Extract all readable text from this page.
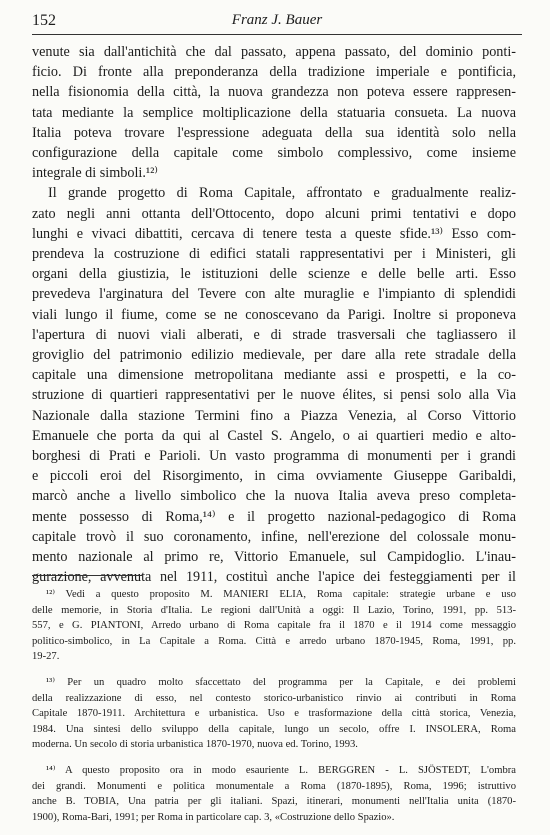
152	Franz J. Bauer
venute sia dall'antichità che dal passato, appena passato, del dominio ponti-
ficio. Di fronte alla preponderanza della tradizione imperiale e pontificia,
nella fisionomia della città, la nuova grandezza non poteva essere rappresen-
tata mediante la semplice moltiplicazione della statuaria consueta. La nuova
Italia poteva trovare l'espressione adeguata della sua identità solo nella
configurazione della capitale come simbolo complessivo, come insieme
integrale di simboli.¹²⁾
Il grande progetto di Roma Capitale, affrontato e gradualmente realiz-
zato negli anni ottanta dell'Ottocento, dopo alcuni primi tentativi e dopo
lunghi e vivaci dibattiti, cercava di tenere testa a queste sfide.¹³⁾ Esso com-
prendeva la costruzione di edifici statali rappresentativi per i Ministeri, gli
organi della giustizia, le istituzioni delle scienze e delle belle arti. Esso
prevedeva l'arginatura del Tevere con alte muraglie e l'impianto di splendidi
viali lungo il fiume, come se ne conoscevano da Parigi. Inoltre si proponeva
l'apertura di nuovi viali alberati, e di strade trasversali che tagliassero il
groviglio del patrimonio edilizio medievale, per dare alla rete stradale della
capitale una dimensione metropolitana mediante assi e prospetti, e la co-
struzione di quartieri rappresentativi per le nuove élites, si pensi solo alla Via
Nazionale dalla stazione Termini fino a Piazza Venezia, al Corso Vittorio
Emanuele che porta da qui al Castel S. Angelo, o ai quartieri medio e alto-
borghesi di Prati e Parioli. Un vasto programma di monumenti per i grandi
e piccoli eroi del Risorgimento, in cima ovviamente Giuseppe Garibaldi,
marcò anche a livello simbolico che la nuova Italia aveva preso completa-
mente possesso di Roma,¹⁴⁾ e il progetto nazional-pedagogico di Roma
capitale trovò il suo coronamento, infine, nell'erezione del colossale monu-
mento nazionale al primo re, Vittorio Emanuele, sul Campidoglio. L'inau-
gurazione, avvenuta nel 1911, costituì anche l'apice dei festeggiamenti per il
¹²⁾ Vedi a questo proposito M. MANIERI ELIA, Roma capitale: strategie urbane e uso
delle memorie, in Storia d'Italia. Le regioni dall'Unità a oggi: Il Lazio, Torino, 1991, pp. 513-
557, e G. PIANTONI, Arredo urbano di Roma capitale fra il 1870 e il 1914 come messaggio
politico-simbolico, in La Capitale a Roma. Città e arredo urbano 1870-1945, Roma, 1991, pp.
19-27.
¹³⁾ Per un quadro molto sfaccettato del programma per la Capitale, e dei problemi
della realizzazione di esso, nel contesto storico-urbanistico rinvio ai contributi in Roma
Capitale 1870-1911. Architettura e urbanistica. Uso e trasformazione della città storica, Venezia,
1984. Una sintesi dello sviluppo della capitale, lungo un secolo, offre I. INSOLERA, Roma
moderna. Un secolo di storia urbanistica 1870-1970, nuova ed. Torino, 1993.
¹⁴⁾ A questo proposito ora in modo esauriente L. BERGGREN - L. SJÖSTEDT, L'ombra
dei grandi. Monumenti e politica monumentale a Roma (1870-1895), Roma, 1996; istruttivo
anche B. TOBIA, Una patria per gli italiani. Spazi, itinerari, monumenti nell'Italia unita (1870-
1900), Roma-Bari, 1991; per Roma in particolare cap. 3, «Costruzione dello Spazio».
